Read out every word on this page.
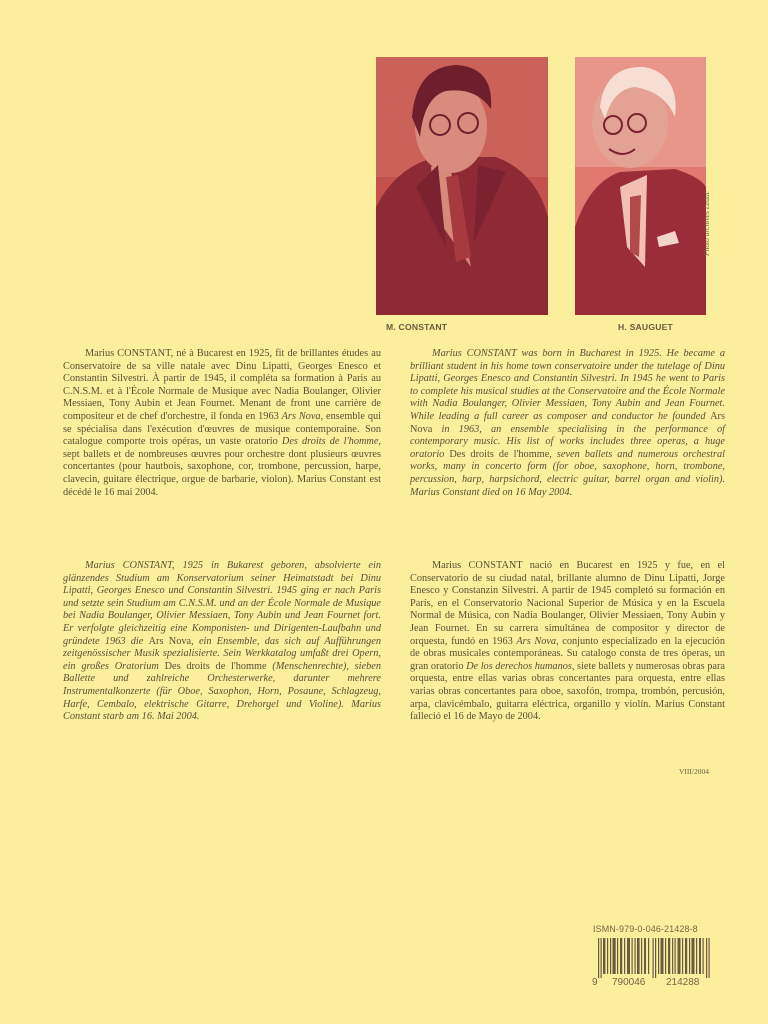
Photo archives Leduc
M. CONSTANT	H. SAUGUET

Marius CONSTANT, né à Bucarest en 1925, fit de brillantes études au Conservatoire de sa ville natale avec Dinu Lipatti, Georges Enesco et Constantin Silvestri. À partir de 1945, il compléta sa formation à Paris au C.N.S.M. et à l'École Normale de Musique avec Nadia Boulanger, Olivier Messiaen, Tony Aubin et Jean Fournet. Menant de front une carrière de compositeur et de chef d'orchestre, il fonda en 1963 Ars Nova, ensemble qui se spécialisa dans l'exécution d'œuvres de musique contemporaine. Son catalogue comporte trois opéras, un vaste oratorio Des droits de l'homme, sept ballets et de nombreuses œuvres pour orchestre dont plusieurs œuvres concertantes (pour hautbois, saxophone, cor, trombone, percussion, harpe, clavecin, guitare électrique, orgue de barbarie, violon). Marius Constant est décédé le 16 mai 2004.

Marius CONSTANT, 1925 in Bukarest geboren, absolvierte ein glänzendes Studium am Konservatorium seiner Heimatstadt bei Dinu Lipatti, Georges Enesco und Constantin Silvestri. 1945 ging er nach Paris und setzte sein Studium am C.N.S.M. und an der École Normale de Musique bei Nadia Boulanger, Olivier Messiaen, Tony Aubin und Jean Fournet fort. Er verfolgte gleichzeitig eine Komponisten- und Dirigenten-Laufbahn und gründete 1963 die Ars Nova, ein Ensemble, das sich auf Aufführungen zeitgenössischer Musik spezialisierte. Sein Werkkatalog umfaßt drei Opern, ein großes Oratorium Des droits de l'homme (Menschenrechte), sieben Ballette und zahlreiche Orchesterwerke, darunter mehrere Instrumentalkonzerte (für Oboe, Saxophon, Horn, Posaune, Schlagzeug, Harfe, Cembalo, elektrische Gitarre, Drehorgel und Violine). Marius Constant starb am 16. Mai 2004.

Marius CONSTANT was born in Bucharest in 1925. He became a brilliant student in his home town conservatoire under the tutelage of Dinu Lipatti, Georges Enesco and Constantin Silvestri. In 1945 he went to Paris to complete his musical studies at the Conservatoire and the École Normale with Nadia Boulanger, Olivier Messiaen, Tony Aubin and Jean Fournet. While leading a full career as composer and conductor he founded Ars Nova in 1963, an ensemble specialising in the performance of contemporary music. His list of works includes three operas, a huge oratorio Des droits de l'homme, seven ballets and numerous orchestral works, many in concerto form (for oboe, saxophone, horn, trombone, percussion, harp, harpsichord, electric guitar, barrel organ and violin). Marius Constant died on 16 May 2004.

Marius CONSTANT nació en Bucarest en 1925 y fue, en el Conservatorio de su ciudad natal, brillante alumno de Dinu Lipatti, Jorge Enesco y Constanzin Silvestri. A partir de 1945 completó su formación en París, en el Conservatorio Nacional Superior de Música y en la Escuela Normal de Música, con Nadia Boulanger, Olivier Messiaen, Tony Aubin y Jean Fournet. En su carrera simultánea de compositor y director de orquesta, fundó en 1963 Ars Nova, conjunto especializado en la ejecución de obras musicales contemporáneas. Su catalogo consta de tres óperas, un gran oratorio De los derechos humanos, siete ballets y numerosas obras para orquesta, entre ellas varias obras concertantes para orquesta, entre ellas varias obras concertantes para oboe, saxofón, trompa, trombón, percusión, arpa, clavicémbalo, guitarra eléctrica, organillo y violín. Marius Constant falleció el 16 de Mayo de 2004.

VIII/2004
ISMN-979-0-046-21428-8
9 790046 214288
